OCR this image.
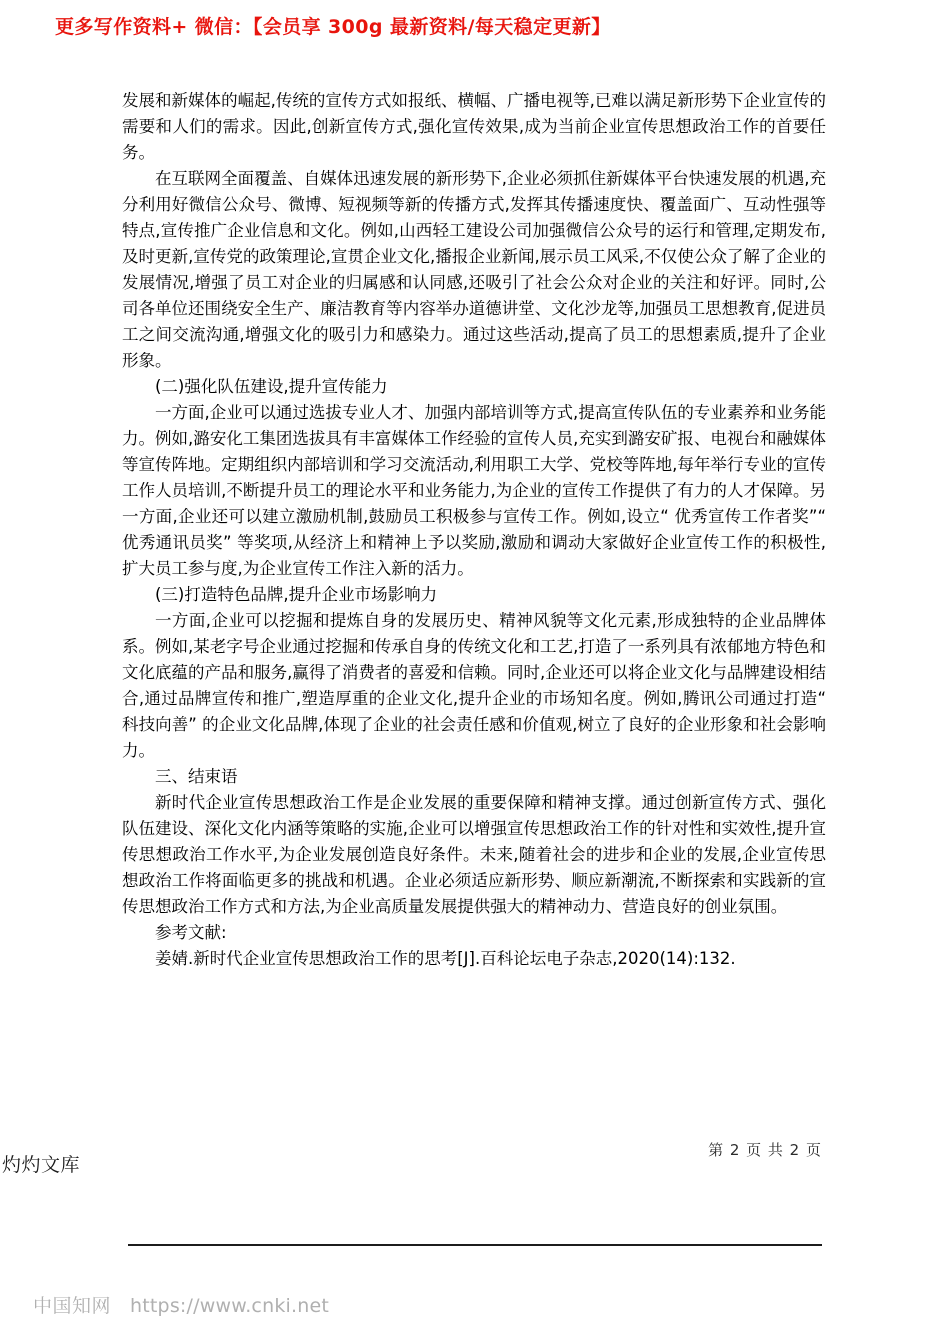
更多写作资料+ 微信：【会员享 300g 最新资料/每天稳定更新】

发展和新媒体的崛起,传统的宣传方式如报纸、横幅、广播电视等,已难以满足新形势下企业宣传的需要和人们的需求。因此,创新宣传方式,强化宣传效果,成为当前企业宣传思想政治工作的首要任务。

在互联网全面覆盖、自媒体迅速发展的新形势下,企业必须抓住新媒体平台快速发展的机遇,充分利用好微信公众号、微博、短视频等新的传播方式,发挥其传播速度快、覆盖面广、互动性强等特点,宣传推广企业信息和文化。例如,山西轻工建设公司加强微信公众号的运行和管理,定期发布,及时更新,宣传党的政策理论,宣贯企业文化,播报企业新闻,展示员工风采,不仅使公众了解了企业的发展情况,增强了员工对企业的归属感和认同感,还吸引了社会公众对企业的关注和好评。同时,公司各单位还围绕安全生产、廉洁教育等内容举办道德讲堂、文化沙龙等,加强员工思想教育,促进员工之间交流沟通,增强文化的吸引力和感染力。通过这些活动,提高了员工的思想素质,提升了企业形象。

(二)强化队伍建设,提升宣传能力

一方面,企业可以通过选拔专业人才、加强内部培训等方式,提高宣传队伍的专业素养和业务能力。例如,潞安化工集团选拔具有丰富媒体工作经验的宣传人员,充实到潞安矿报、电视台和融媒体等宣传阵地。定期组织内部培训和学习交流活动,利用职工大学、党校等阵地,每年举行专业的宣传工作人员培训,不断提升员工的理论水平和业务能力,为企业的宣传工作提供了有力的人才保障。另一方面,企业还可以建立激励机制,鼓励员工积极参与宣传工作。例如,设立“ 优秀宣传工作者奖”“ 优秀通讯员奖” 等奖项,从经济上和精神上予以奖励,激励和调动大家做好企业宣传工作的积极性,扩大员工参与度,为企业宣传工作注入新的活力。

(三)打造特色品牌,提升企业市场影响力

一方面,企业可以挖掘和提炼自身的发展历史、精神风貌等文化元素,形成独特的企业品牌体系。例如,某老字号企业通过挖掘和传承自身的传统文化和工艺,打造了一系列具有浓郁地方特色和文化底蕴的产品和服务,赢得了消费者的喜爱和信赖。同时,企业还可以将企业文化与品牌建设相结合,通过品牌宣传和推广,塑造厚重的企业文化,提升企业的市场知名度。例如,腾讯公司通过打造“ 科技向善” 的企业文化品牌,体现了企业的社会责任感和价值观,树立了良好的企业形象和社会影响力。

三、结束语

新时代企业宣传思想政治工作是企业发展的重要保障和精神支撑。通过创新宣传方式、强化队伍建设、深化文化内涵等策略的实施,企业可以增强宣传思想政治工作的针对性和实效性,提升宣传思想政治工作水平,为企业发展创造良好条件。未来,随着社会的进步和企业的发展,企业宣传思想政治工作将面临更多的挑战和机遇。企业必须适应新形势、顺应新潮流,不断探索和实践新的宣传思想政治工作方式和方法,为企业高质量发展提供强大的精神动力、营造良好的创业氛围。

参考文献:

姜婧.新时代企业宣传思想政治工作的思考[J].百科论坛电子杂志,2020(14):132.

灼灼文库
第 2 页 共 2 页
中国知网 https://www.cnki.net
